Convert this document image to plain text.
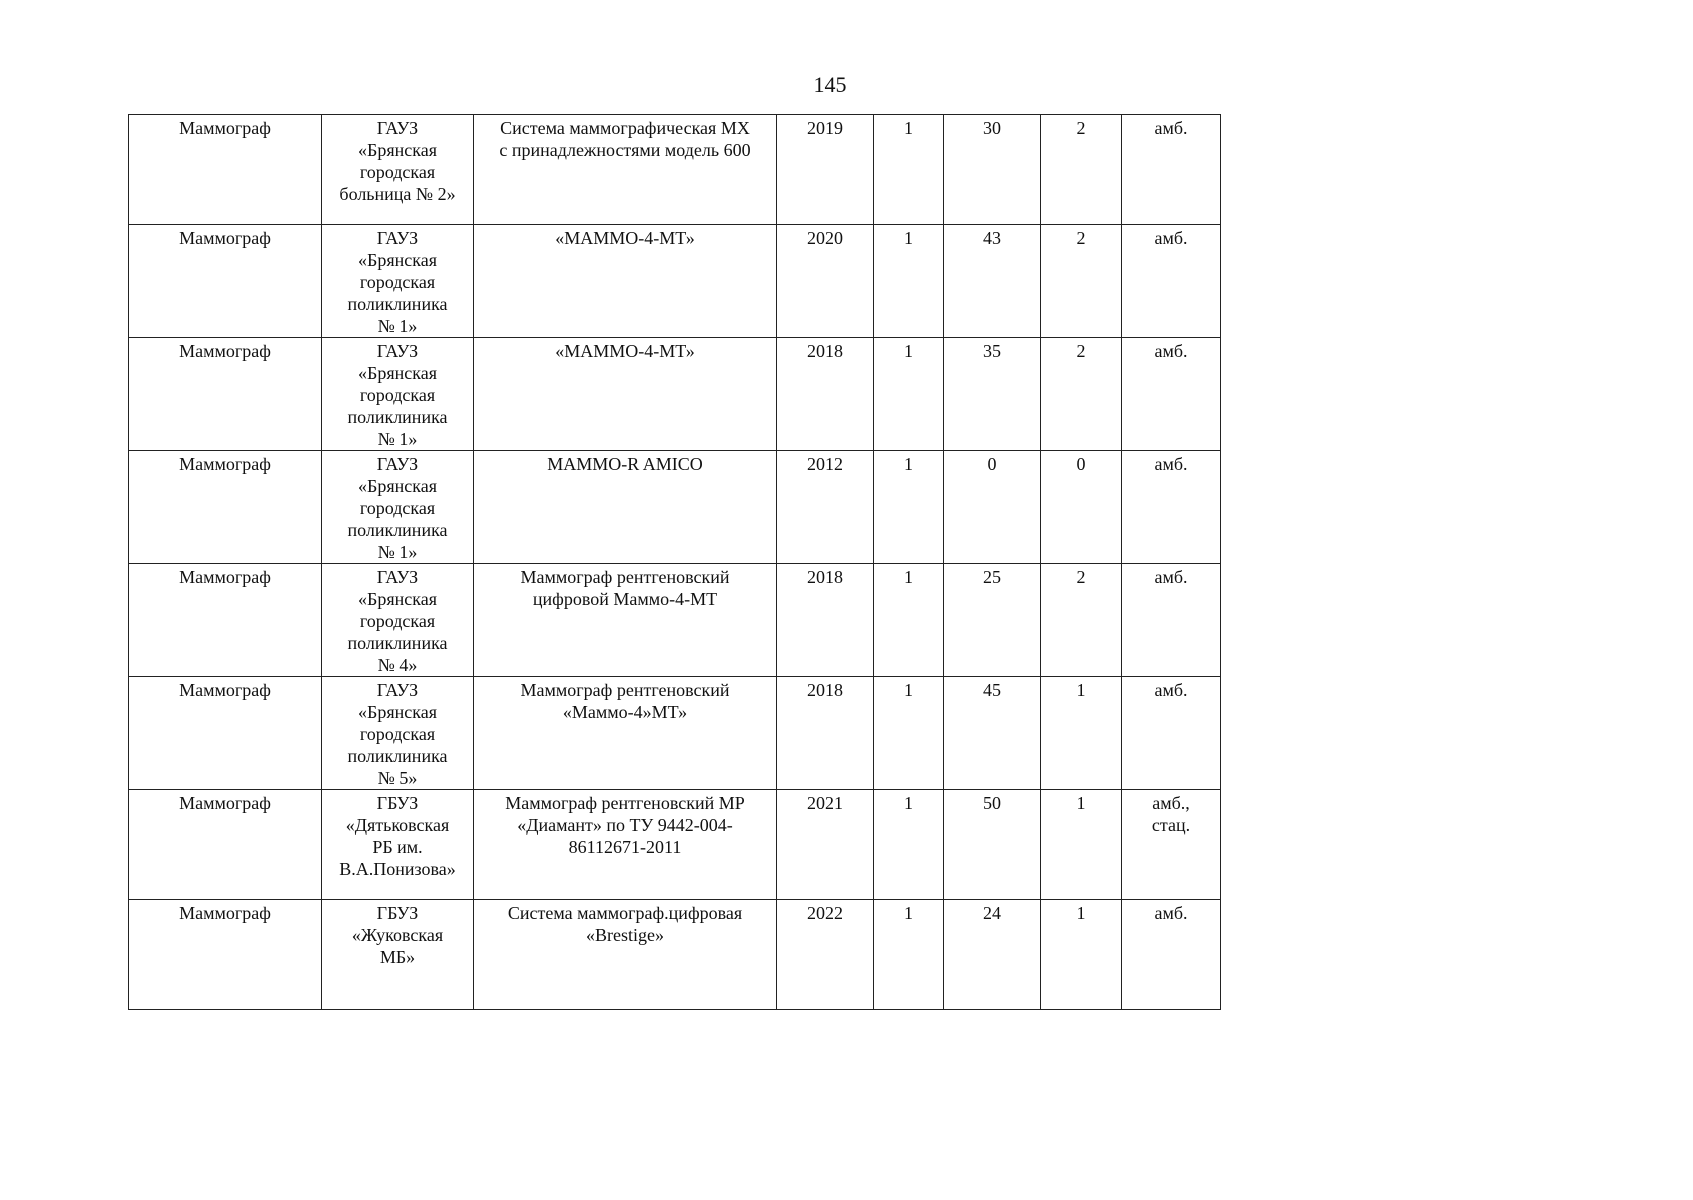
145
Маммограф	ГАУЗ
«Брянская
городская
больница № 2»	Система маммографическая MX
с принадлежностями модель 600	2019	1	30	2	амб.
Маммограф	ГАУЗ
«Брянская
городская
поликлиника
№ 1»	«МАММО-4-МТ»	2020	1	43	2	амб.
Маммограф	ГАУЗ
«Брянская
городская
поликлиника
№ 1»	«МАММО-4-МТ»	2018	1	35	2	амб.
Маммограф	ГАУЗ
«Брянская
городская
поликлиника
№ 1»	MAMMO-R AMICO	2012	1	0	0	амб.
Маммограф	ГАУЗ
«Брянская
городская
поликлиника
№ 4»	Маммограф рентгеновский
цифровой Маммо-4-МТ	2018	1	25	2	амб.
Маммограф	ГАУЗ
«Брянская
городская
поликлиника
№ 5»	Маммограф рентгеновский
«Маммо-4»МТ»	2018	1	45	1	амб.
Маммограф	ГБУЗ
«Дятьковская
РБ им.
В.А.Понизова»	Маммограф рентгеновский МР
«Диамант» по ТУ 9442-004-
86112671-2011	2021	1	50	1	амб.,
стац.
Маммограф	ГБУЗ
«Жуковская
МБ»	Система маммограф.цифровая
«Brestige»	2022	1	24	1	амб.
